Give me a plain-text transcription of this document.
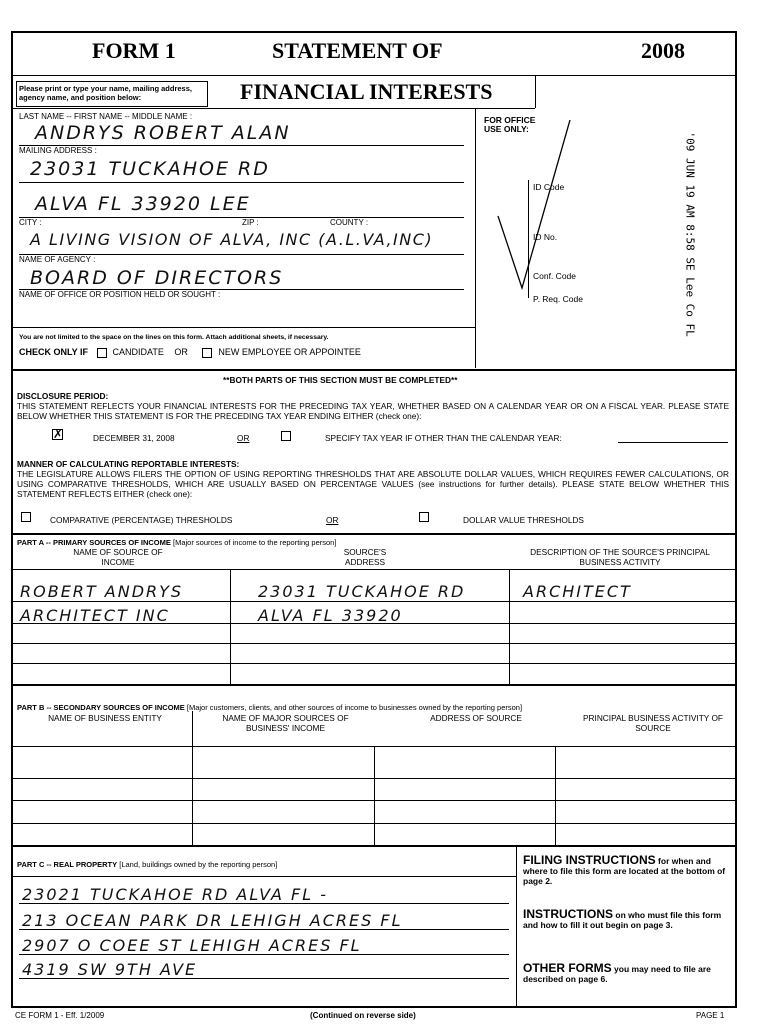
FORM 1	STATEMENT OF	2008
FINANCIAL INTERESTS
Please print or type your name, mailing address, agency name, and position below:
LAST NAME -- FIRST NAME -- MIDDLE NAME :
ANDRYS ROBERT ALAN
MAILING ADDRESS :
23031 TUCKAHOE RD
ALVA FL 33920 LEE
CITY :	ZIP :	COUNTY :
A LIVING VISION OF ALVA, INC (A.L.VA,INC)
NAME OF AGENCY :
BOARD OF DIRECTORS
NAME OF OFFICE OR POSITION HELD OR SOUGHT :
You are not limited to the space on the lines on this form. Attach additional sheets, if necessary.
CHECK ONLY IF	CANDIDATE OR	NEW EMPLOYEE OR APPOINTEE
FOR OFFICE
USE ONLY:
ID Code
ID No.
Conf. Code
P. Req. Code	'09 JUN 19 AM 8:58 SE Lee Co FL
**BOTH PARTS OF THIS SECTION MUST BE COMPLETED**
DISCLOSURE PERIOD:
THIS STATEMENT REFLECTS YOUR FINANCIAL INTERESTS FOR THE PRECEDING TAX YEAR, WHETHER BASED ON A CALENDAR YEAR OR ON A FISCAL YEAR. PLEASE STATE BELOW WHETHER THIS STATEMENT IS FOR THE PRECEDING TAX YEAR ENDING EITHER (check one):
✗	DECEMBER 31, 2008	OR	SPECIFY TAX YEAR IF OTHER THAN THE CALENDAR YEAR:
MANNER OF CALCULATING REPORTABLE INTERESTS:
THE LEGISLATURE ALLOWS FILERS THE OPTION OF USING REPORTING THRESHOLDS THAT ARE ABSOLUTE DOLLAR VALUES, WHICH REQUIRES FEWER CALCULATIONS, OR USING COMPARATIVE THRESHOLDS, WHICH ARE USUALLY BASED ON PERCENTAGE VALUES (see instructions for further details). PLEASE STATE BELOW WHETHER THIS STATEMENT REFLECTS EITHER (check one):
COMPARATIVE (PERCENTAGE) THRESHOLDS	OR	DOLLAR VALUE THRESHOLDS
PART A -- PRIMARY SOURCES OF INCOME [Major sources of income to the reporting person]
NAME OF SOURCE OF INCOME
SOURCE'S ADDRESS
DESCRIPTION OF THE SOURCE'S PRINCIPAL BUSINESS ACTIVITY
ROBERT ANDRYS	23031 TUCKAHOE RD	ARCHITECT
ARCHITECT INC	ALVA FL 33920
PART B -- SECONDARY SOURCES OF INCOME [Major customers, clients, and other sources of income to businesses owned by the reporting person]
NAME OF BUSINESS ENTITY	NAME OF MAJOR SOURCES OF BUSINESS' INCOME
ADDRESS OF SOURCE	PRINCIPAL BUSINESS ACTIVITY OF SOURCE
PART C -- REAL PROPERTY [Land, buildings owned by the reporting person]
23021 TUCKAHOE RD ALVA FL -
213 OCEAN PARK DR LEHIGH ACRES FL
2907 O COEE ST LEHIGH ACRES FL
4319 SW 9TH AVE
FILING INSTRUCTIONS for when and where to file this form are located at the bottom of page 2.
INSTRUCTIONS on who must file this form and how to fill it out begin on page 3.
OTHER FORMS you may need to file are described on page 6.
CE FORM 1 - Eff. 1/2009	(Continued on reverse side)	PAGE 1
